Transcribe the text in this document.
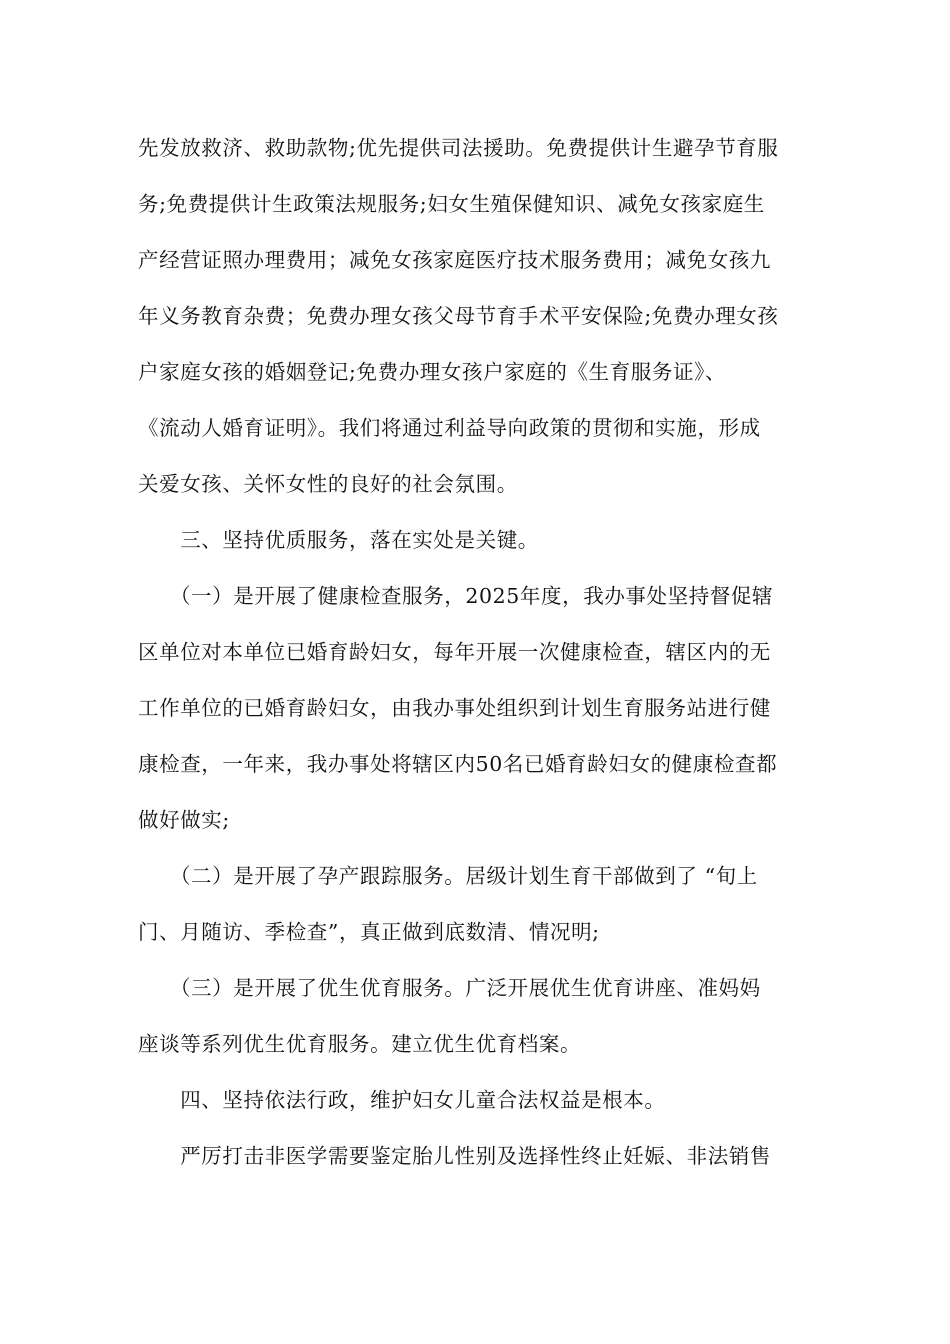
先发放救济、救助款物;优先提供司法援助。免费提供计生避孕节育服
务;免费提供计生政策法规服务;妇女生殖保健知识、减免女孩家庭生
产经营证照办理费用；减免女孩家庭医疗技术服务费用；减免女孩九
年义务教育杂费；免费办理女孩父母节育手术平安保险;免费办理女孩
户家庭女孩的婚姻登记;免费办理女孩户家庭的《生育服务证》、
《流动人婚育证明》。我们将通过利益导向政策的贯彻和实施，形成
关爱女孩、关怀女性的良好的社会氛围。
　　三、坚持优质服务，落在实处是关键。
　　（一）是开展了健康检查服务，2025年度，我办事处坚持督促辖
区单位对本单位已婚育龄妇女，每年开展一次健康检查，辖区内的无
工作单位的已婚育龄妇女，由我办事处组织到计划生育服务站进行健
康检查，一年来，我办事处将辖区内50名已婚育龄妇女的健康检查都
做好做实;
　　（二）是开展了孕产跟踪服务。居级计划生育干部做到了 “旬上
门、月随访、季检查”，真正做到底数清、情况明;
　　（三）是开展了优生优育服务。广泛开展优生优育讲座、准妈妈
座谈等系列优生优育服务。建立优生优育档案。
　　四、坚持依法行政，维护妇女儿童合法权益是根本。
　　严厉打击非医学需要鉴定胎儿性别及选择性终止妊娠、非法销售
